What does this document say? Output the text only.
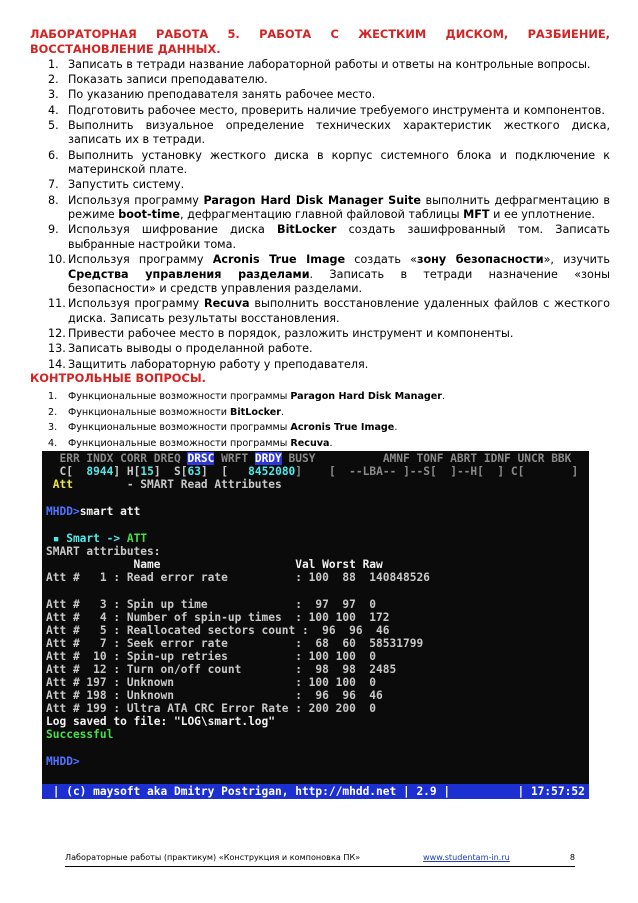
ЛАБОРАТОРНАЯ РАБОТА 5. РАБОТА С ЖЕСТКИМ ДИСКОМ, РАЗБИЕНИЕ, ВОССТАНОВЛЕНИЕ ДАННЫХ.
1. Записать в тетради название лабораторной работы и ответы на контрольные вопросы.
2. Показать записи преподавателю.
3. По указанию преподавателя занять рабочее место.
4. Подготовить рабочее место, проверить наличие требуемого инструмента и компонентов.
5. Выполнить визуальное определение технических характеристик жесткого диска, записать их в тетради.
6. Выполнить установку жесткого диска в корпус системного блока и подключение к материнской плате.
7. Запустить систему.
8. Используя программу Paragon Hard Disk Manager Suite выполнить дефрагментацию в режиме boot-time, дефрагментацию главной файловой таблицы MFT и ее уплотнение.
9. Используя шифрование диска BitLocker создать зашифрованный том. Записать выбранные настройки тома.
10. Используя программу Acronis True Image создать «зону безопасности», изучить Средства управления разделами. Записать в тетради назначение «зоны безопасности» и средств управления разделами.
11. Используя программу Recuva выполнить восстановление удаленных файлов с жесткого диска. Записать результаты восстановления.
12. Привести рабочее место в порядок, разложить инструмент и компоненты.
13. Записать выводы о проделанной работе.
14. Защитить лабораторную работу у преподавателя.
КОНТРОЛЬНЫЕ ВОПРОСЫ.
1. Функциональные возможности программы Paragon Hard Disk Manager.
2. Функциональные возможности BitLocker.
3. Функциональные возможности программы Acronis True Image.
4. Функциональные возможности программы Recuva.
ERR INDX CORR DREQ DRSC WRFT DRDY BUSY          AMNF TONF ABRT IDNF UNCR BBK
C[  8944] H[15]  S[63]  [   8452080]    [  --LBA-- ]--S[  ]--H[  ] C[       ]
Att        - SMART Read Attributes
MHDD>smart att
▪ Smart -> ATT
SMART attributes:
Name                    Val Worst Raw
Att #   1 : Read error rate          : 100  88  140848526
Att #   3 : Spin up time             :  97  97  0
Att #   4 : Number of spin-up times  : 100 100  172
Att #   5 : Reallocated sectors count :  96  96  46
Att #   7 : Seek error rate          :  68  60  58531799
Att #  10 : Spin-up retries          : 100 100  0
Att #  12 : Turn on/off count        :  98  98  2485
Att # 197 : Unknown                  : 100 100  0
Att # 198 : Unknown                  :  96  96  46
Att # 199 : Ultra ATA CRC Error Rate : 200 200  0
Log saved to file: "LOG\smart.log"
Successful
MHDD>
| (c) maysoft aka Dmitry Postrigan, http://mhdd.net | 2.9 |          | 17:57:52
Лабораторные работы (практикум) «Конструкция и компоновка ПК»	www.studentam-in.ru	8
